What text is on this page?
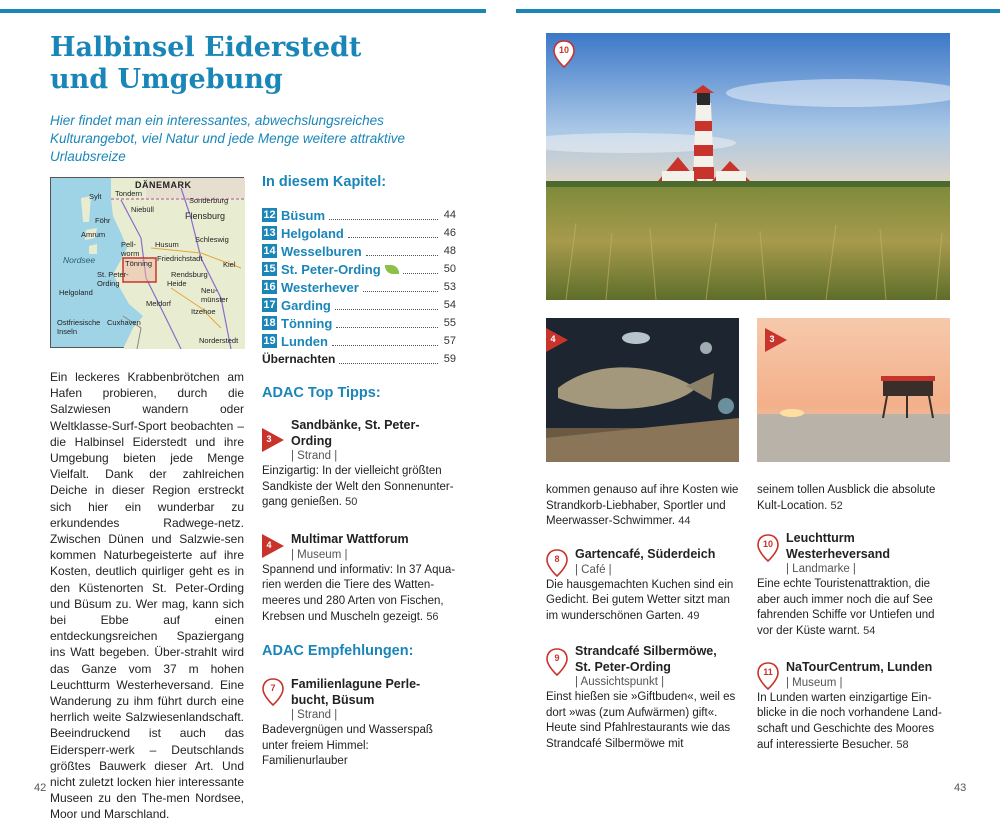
Halbinsel Eiderstedt
und Umgebung
Hier findet man ein interessantes, abwechslungsreiches Kulturangebot, viel Natur und jede Menge weitere attraktive Urlaubsreize
DÄNEMARK
Sylt Tondern
Sonderburg
Niebüll
Föhr	Flensburg
Amrum
Schleswig
Husum
Pell-
worm
Friedrichstadt
Nordsee	Tönning	Kiel
St. Peter-
Ording
Rendsburg
Heide
Helgoland	Neu-
münster
Meldorf
Itzehoe
Ostfriesische
Inseln
Cuxhaven
Norderstedt

Ein leckeres Krabbenbrötchen am Hafen probieren, durch die Salzwiesen wandern oder Weltklasse-Surf-Sport beobachten – die Halbinsel Eiderstedt und ihre Umgebung bieten jede Menge Vielfalt. Dank der zahlreichen Deiche in dieser Region erstreckt sich hier ein wunderbar zu erkundendes Radwege-netz. Zwischen Dünen und Salzwie-sen kommen Naturbegeisterte auf ihre Kosten, deutlich quirliger geht es in den Küstenorten St. Peter-Ording und Büsum zu. Wer mag, kann sich bei Ebbe auf einen entdeckungsreichen Spaziergang ins Watt begeben. Über-strahlt wird das Ganze vom 37 m hohen Leuchtturm Westerheversand. Eine Wanderung zu ihm führt durch eine herrlich weite Salzwiesenlandschaft. Beeindruckend ist auch das Eidersperr-werk – Deutschlands größtes Bauwerk dieser Art. Und nicht zuletzt locken hier interessante Museen zu den The-men Nordsee, Moor und Marschland.

In diesem Kapitel:
12 Büsum	44
13 Helgoland	46
14 Wesselburen	48
15 St. Peter-Ording	50
16 Westerhever	53
17 Garding	54
18 Tönning	55
19 Lunden	57
Übernachten	59
ADAC Top Tipps:
3
Sandbänke, St. Peter-
Ording
| Strand |
Einzigartig: In der vielleicht größten Sandkiste der Welt den Sonnenunter-gang genießen. 50
4	Multimar Wattforum
| Museum |
Spannend und informativ: In 37 Aqua-rien werden die Tiere des Watten-meeres und 280 Arten von Fischen, Krebsen und Muscheln gezeigt. 56
ADAC Empfehlungen:
7	Familienlagune Perle-
bucht, Büsum
| Strand |
Badevergnügen und Wasserspaß unter freiem Himmel: Familienurlauber
42
10
4	3
kommen genauso auf ihre Kosten wie Strandkorb-Liebhaber, Sportler und Meerwasser-Schwimmer. 44
8	Gartencafé, Süderdeich
| Café |
Die hausgemachten Kuchen sind ein Gedicht. Bei gutem Wetter sitzt man im wunderschönen Garten. 49
9	Strandcafé Silbermöwe,
St. Peter-Ording
| Aussichtspunkt |
Einst hießen sie »Giftbuden«, weil es dort »was (zum Aufwärmen) gift«. Heute sind Pfahlrestaurants wie das Strandcafé Silbermöwe mit
seinem tollen Ausblick die absolute Kult-Location. 52
10	Leuchtturm
Westerheversand
| Landmarke |
Eine echte Touristenattraktion, die aber auch immer noch die auf See fahrenden Schiffe vor Untiefen und vor der Küste warnt. 54
11	NaTourCentrum, Lunden
| Museum |
In Lunden warten einzigartige Ein-blicke in die noch vorhandene Land-schaft und Geschichte des Moores auf interessierte Besucher. 58
43
